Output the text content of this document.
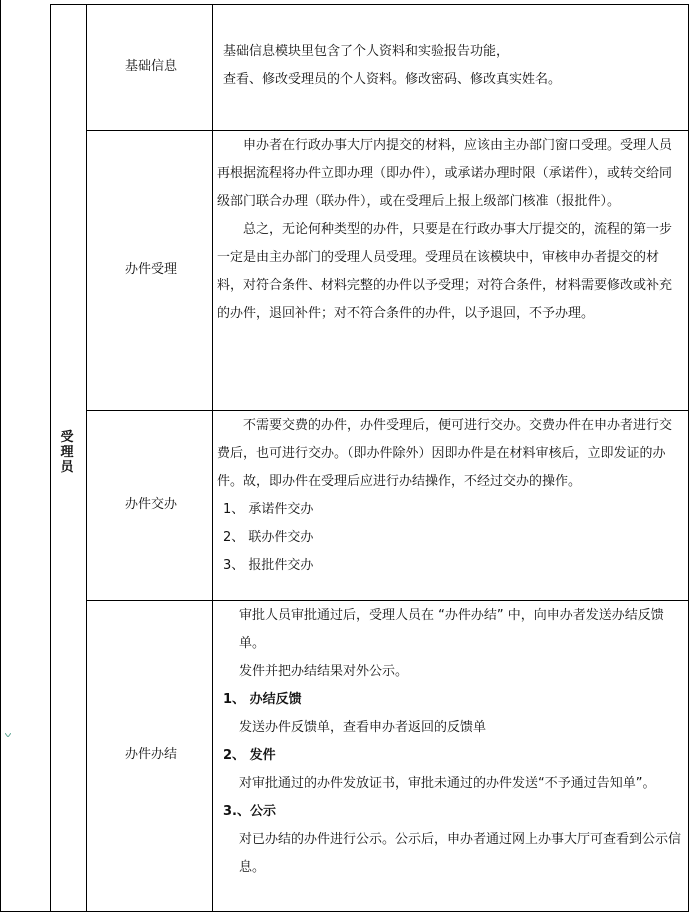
受
理
员
基础信息

基础信息模块里包含了个人资料和实验报告功能，

查看、修改受理员的个人资料。修改密码、修改真实姓名。

办件受理

申办者在行政办事大厅内提交的材料，应该由主办部门窗口受理。受理人员再根据流程将办件立即办理（即办件），或承诺办理时限（承诺件），或转交给同级部门联合办理（联办件），或在受理后上报上级部门核准（报批件）。

总之，无论何种类型的办件，只要是在行政办事大厅提交的，流程的第一步一定是由主办部门的受理人员受理。受理员在该模块中，审核申办者提交的材料，对符合条件、材料完整的办件以予受理；对符合条件，材料需要修改或补充的办件，退回补件；对不符合条件的办件，以予退回，不予办理。

办件交办

不需要交费的办件，办件受理后，便可进行交办。交费办件在申办者进行交费后，也可进行交办。（即办件除外）因即办件是在材料审核后，立即发证的办件。故，即办件在受理后应进行办结操作，不经过交办的操作。

1、 承诺件交办

2、 联办件交办

3、 报批件交办

办件办结

审批人员审批通过后，受理人员在 “办件办结” 中，向申办者发送办结反馈单。

发件并把办结结果对外公示。

1、 办结反馈

发送办件反馈单，查看申办者返回的反馈单

2、 发件

对审批通过的办件发放证书，审批未通过的办件发送“不予通过告知单”。

3.、公示

对已办结的办件进行公示。公示后，申办者通过网上办事大厅可查看到公示信息。
